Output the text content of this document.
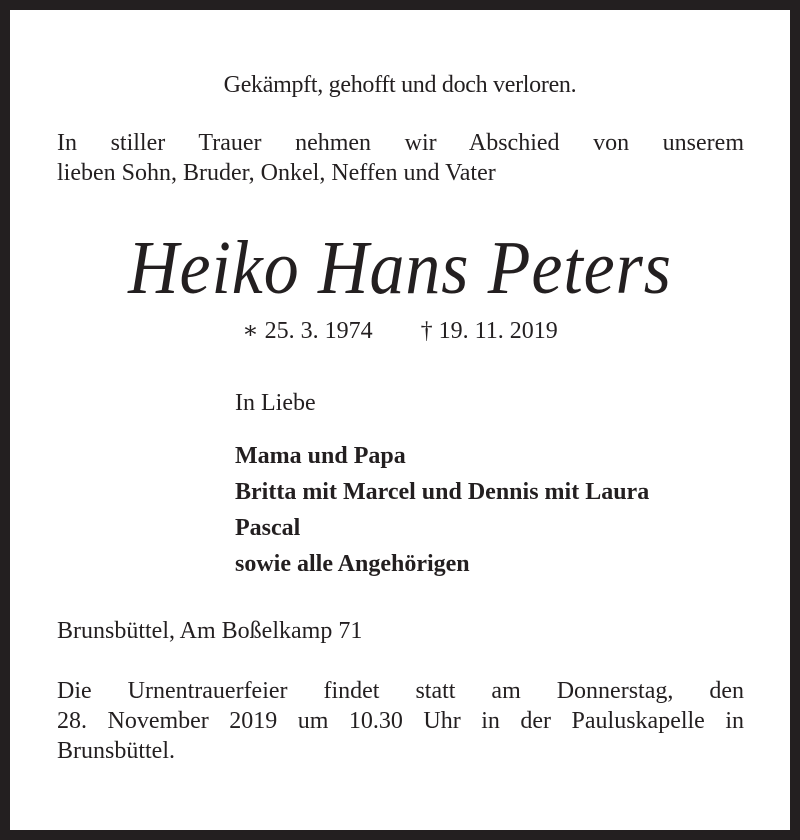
Gekämpft, gehofft und doch verloren.
In stiller Trauer nehmen wir Abschied von unserem
lieben Sohn, Bruder, Onkel, Neffen und Vater
Heiko Hans Peters
∗ 25. 3. 1974 † 19. 11. 2019
In Liebe
Mama und Papa
Britta mit Marcel und Dennis mit Laura
Pascal
sowie alle Angehörigen
Brunsbüttel, Am Boßelkamp 71
Die Urnentrauerfeier findet statt am Donnerstag, den
28. November 2019 um 10.30 Uhr in der Pauluskapelle in
Brunsbüttel.
